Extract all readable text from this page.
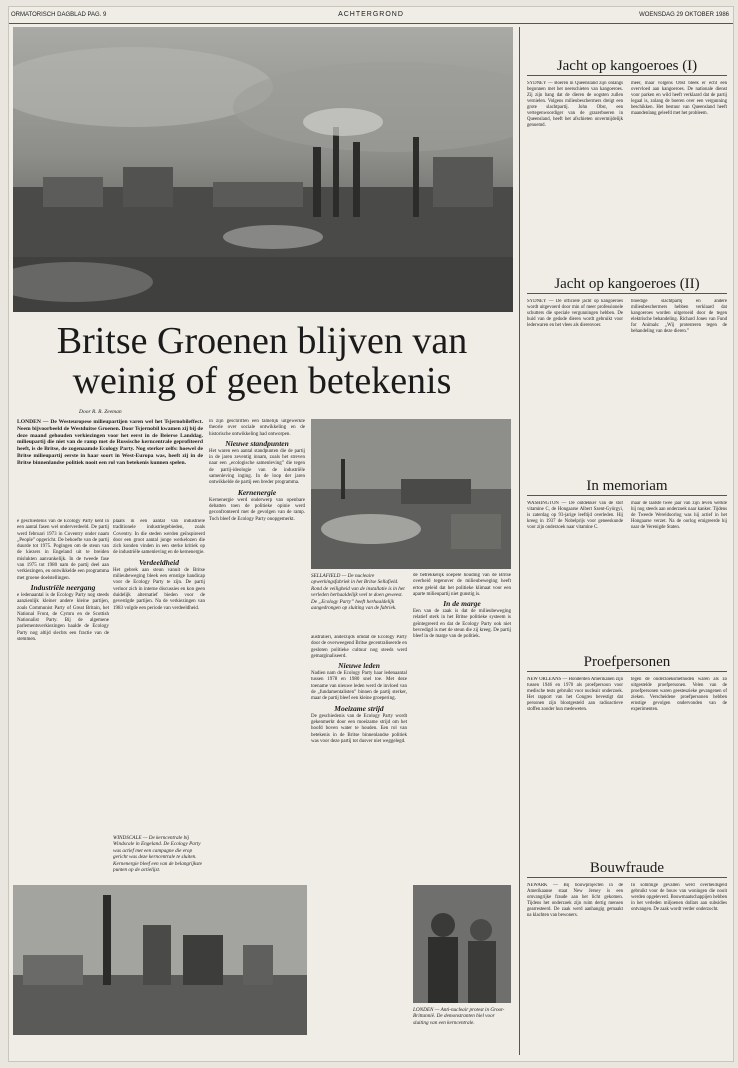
ORMATORISCH DAGBLAD PAG. 9	ACHTERGROND	WOENSDAG 29 OKTOBER 1986
Britse Groenen blijven van weinig of geen betekenis
Door R. R. Zeeman
LONDEN — De Westeuropese milieupartijen varen wel het Tsjernobileffect. Neem bijvoorbeeld de Westduitse Groenen. Door Tsjernobil kwamen zij bij de deze maand gehouden verkiezingen voor het eerst in de Beierse Landdag. milieupartij die niet van de ramp met de Russische kerncentrale geprofiteerd heeft, is de Britse, de zogenaamde Ecology Party. Nog sterker zelfs: hoewel de Britse milieupartij eerste in haar soort in West-Europa was, heeft zij in de Britse binnenlandse politiek nooit een rol van betekenis kunnen spelen.
e geschiedenis van de Ecology Party kent in een aantal fasen wel onderverdeeld. De partij werd februari 1973 in Coventry onder naam „People” opgericht. De behoefte van de partij duurde tot 1975. Pogingen om de steun van de kiezers in Engeland uit te breiden mislukten aanvankelijk. In de tweede fase van 1975 tot 1980 nam de partij deel aan verkiezingen, en ontwikkelde een programma met groene doelstellingen.
Industriële neergang
e ledenaantal is de Ecology Party nog steeds aanzienlijk kleiner andere kleine partijen, zoals Communist Party of Great Britain, het National Front, de Cymru en de Scottish Nationalist Party. Bij de algemene parlementsverkiezingen haalde de Ecology Party nog altijd slechts een fractie van de stemmen.
plaats in een aantal van industriële traditionele industriegebieden, zoals Coventry. In die steden werden geïnspireerd door een groot aantal jonge werkelozen die zich konden vinden in een sterke kritiek op de industriële samenleving en de kernenergie.
Verdeeldheid
Het gebrek aan steun vanuit de Britse milieubeweging bleek een ernstige handicap voor de Ecology Party te zijn. De partij verloor zich in interne discussies en kon geen duidelijk alternatief bieden voor de gevestigde partijen. Na de verkiezingen van 1983 volgde een periode van verdeeldheid.
in zijn geschriften een tamelijk uitgewerkte theorie over sociale ontwikkeling en de historische ontwikkeling had ontworpen.
Nieuwe standpunten
Het waren een aantal standpunten die de partij in de jaren zeventig innam, zoals het streven naar een „ecologische samenleving” die tegen de partij-ideologie van de industriële samenleving inging. In de loop der jaren ontwikkelde de partij een breder programma.
Kernenergie
Kernenergie werd onderwerp van openbare debatten toen de politieke opinie werd geconfronteerd met de gevolgen van de ramp. Toch bleef de Ecology Party onopgemerkt.
SELLAFIELD — De nucleaire opwerkingsfabriek in het Britse Sellafield. Rond de veiligheid van de installatie is in het verleden herhaaldelijk veel te doen geweest. De „Ecology Party” heeft herhaaldelijk aangedrongen op sluiting van de fabriek.
australiëri, anderzijds omdat de Ecology Party door de overweegend Britse gecentraliseerde en gesloten politieke cultuur nog steeds werd gemarginaliseerd.
Nieuwe leden
Nadien nam de Ecology Party haar ledenaantal tussen 1978 en 1980 snel toe. Met deze toename van nieuwe leden werd de invloed van de „fundamentalisten” binnen de partij sterker, maar de partij bleef een kleine groepering.
Moeizame strijd
De geschiedenis van de Ecology Party wordt gekenmerkt door een moeizame strijd om het hoofd boven water te houden. Een rol van betekenis in de Britse binnenlandse politiek was voor deze partij tot dusver niet weggelegd.
de betrekkelijk soepele houding van de Britse overheid tegenover de milieubeweging heeft ertoe geleid dat het politieke klimaat voor een aparte milieupartij niet gunstig is.
In de marge
Een van de zaak is dat de milieubeweging relatief sterk in het Britse politieke systeem is geïntegreerd en dat de Ecology Party ook niet bevredigd is met de steun die zij kreeg. De partij bleef in de marge van de politiek.
WINDSCALE — De kerncentrale bij Windscale in Engeland. De Ecology Party was actief met een campagne die erop gericht was deze kerncentrale te sluiten. Kernenergie bleef een van de belangrijkste punten op de actielijst.
LONDEN — Anti-nucleair protest in Groot-Brittannië. De demonstranten hiel voor sluiting van een kerncentrale.
Jacht op kangoeroes (I)
SYDNEY — Boeren in Queensland zijn onlangs begonnen met het neerschieten van kangoeroes. Zij zijn bang dat de dieren de oogsten zullen vernielen. Volgens milieubeschermers dreigt een grote slachtpartij. John Obst, een vertegenwoordiger van de grazerboeren in Queensland, heeft het afschieten onvermijdelijk genoemd.
meer, maar volgens Obst bleek er echt een overvloed aan kangoeroes. De nationale dienst voor parken en wild heeft verklaard dat de partij legaal is, zolang de boeren over een vergunning beschikken. Het bestuur van Queensland heeft maandenlang geleefd met het probleem.
Jacht op kangoeroes (II)
SYDNEY — De officiële jacht op kangoeroes wordt uitgevoerd door min of meer professionele schutters die speciale vergunningen hebben. De huid van de gedode dieren wordt gebruikt voor lederwaren en het vlees als dierenvoer.
bloedige slachtpartij en andere milieubeschermers hebben verklaard dat kangoeroes worden uitgeroeid door de tegen elektrische behandeling. Richard Jones van Fund for Animals: „Wij protesteren tegen de behandeling van deze dieren.”
In memoriam
WASHINGTON — De ontdekker van de stof vitamine C, de Hongaarse Albert Szent-Györgyi, is zaterdag op 93-jarige leeftijd overleden. Hij kreeg in 1937 de Nobelprijs voor geneeskunde voor zijn onderzoek naar vitamine C.
maar de laatste twee jaar van zijn leven werkte hij nog steeds aan onderzoek naar kanker. Tijdens de Tweede Wereldoorlog was hij actief in het Hongaarse verzet. Na de oorlog emigreerde hij naar de Verenigde Staten.
Proefpersonen
NEW ORLEANS — Honderden Amerikanen zijn tussen 1946 en 1970 als proefpersoon voor medische tests gebruikt voor nucleair onderzoek. Het rapport van het Congres bevestigt dat personen zijn blootgesteld aan radioactieve stoffen zonder hun medeweten.
tegen de onderzoeksmethoden waren als zo uitgestelde proefpersonen. Velen van de proefpersonen waren geesteszieke gevangenen of zieken. Verscheidene proefpersonen hebben ernstige gevolgen ondervonden van de experimenten.
Bouwfraude
NEWARK — Bij bouwprojecten in de Amerikaanse staat New Jersey is een omvangrijke fraude aan het licht gekomen. Tijdens het onderzoek zijn ruim dertig mensen gearresteerd. De zaak werd aanhangig gemaakt na klachten van bewoners.
In sommige gevallen werd overheidsgeld gebruikt voor de bouw van woningen die nooit werden opgeleverd. Bouwmaatschappijen hebben in het verleden miljoenen dollars aan subsidies ontvangen. De zaak wordt verder onderzocht.
